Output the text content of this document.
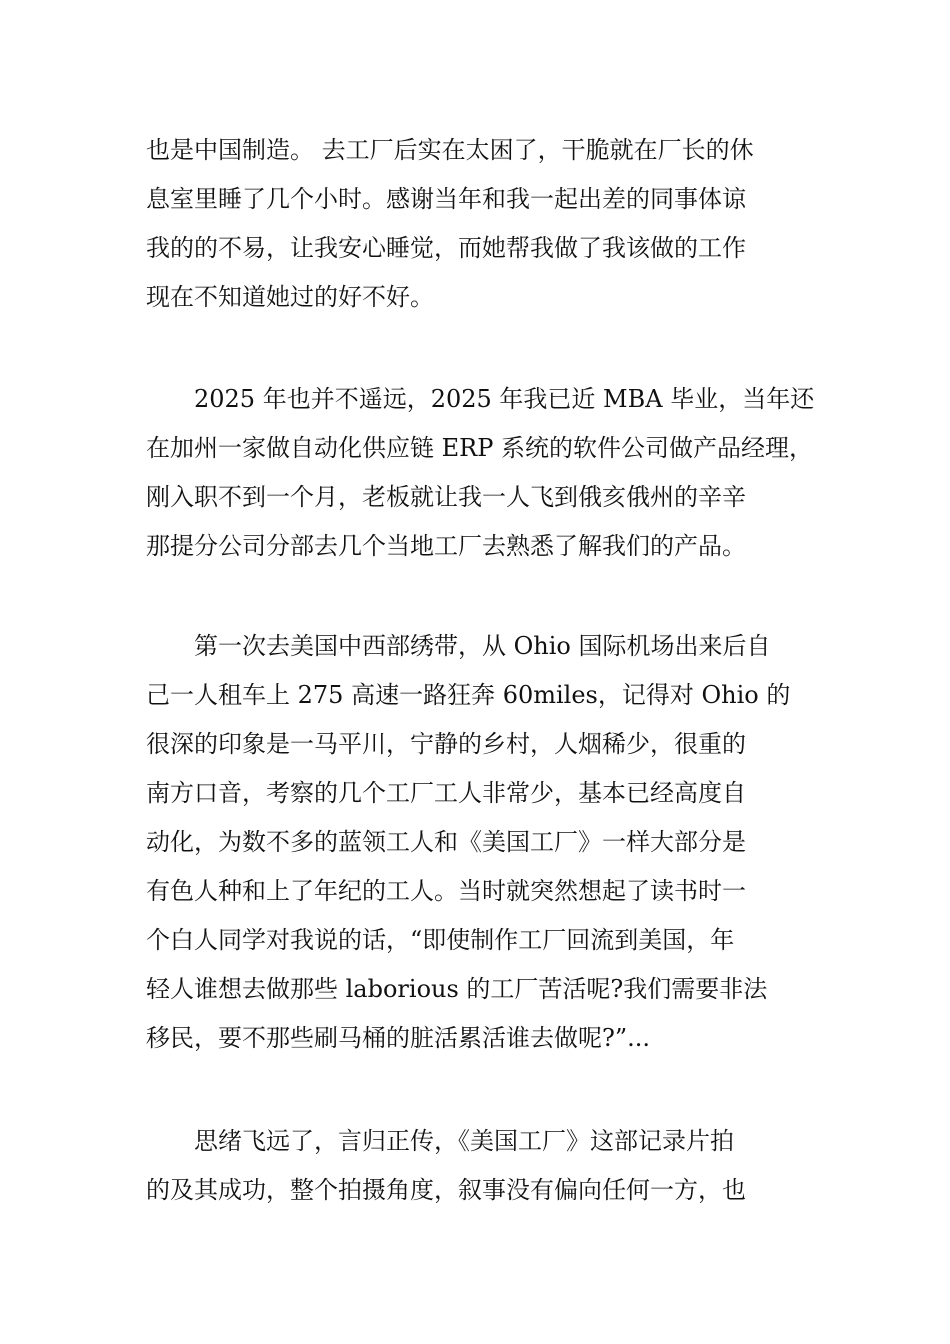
也是中国制造。 去工厂后实在太困了，干脆就在厂长的休
息室里睡了几个小时。感谢当年和我一起出差的同事体谅
我的的不易，让我安心睡觉，而她帮我做了我该做的工作
现在不知道她过的好不好。
　　2025 年也并不遥远，2025 年我已近 MBA 毕业，当年还
在加州一家做自动化供应链 ERP 系统的软件公司做产品经理，
刚入职不到一个月，老板就让我一人飞到俄亥俄州的辛辛
那提分公司分部去几个当地工厂去熟悉了解我们的产品。
　　第一次去美国中西部绣带，从 Ohio 国际机场出来后自
己一人租车上 275 高速一路狂奔 60miles，记得对 Ohio 的
很深的印象是一马平川，宁静的乡村，人烟稀少，很重的
南方口音，考察的几个工厂工人非常少，基本已经高度自
动化，为数不多的蓝领工人和《美国工厂》一样大部分是
有色人种和上了年纪的工人。当时就突然想起了读书时一
个白人同学对我说的话，“即使制作工厂回流到美国，年
轻人谁想去做那些 laborious 的工厂苦活呢?我们需要非法
移民，要不那些刷马桶的脏活累活谁去做呢?”...
　　思绪飞远了，言归正传，《美国工厂》这部记录片拍
的及其成功，整个拍摄角度，叙事没有偏向任何一方，也
